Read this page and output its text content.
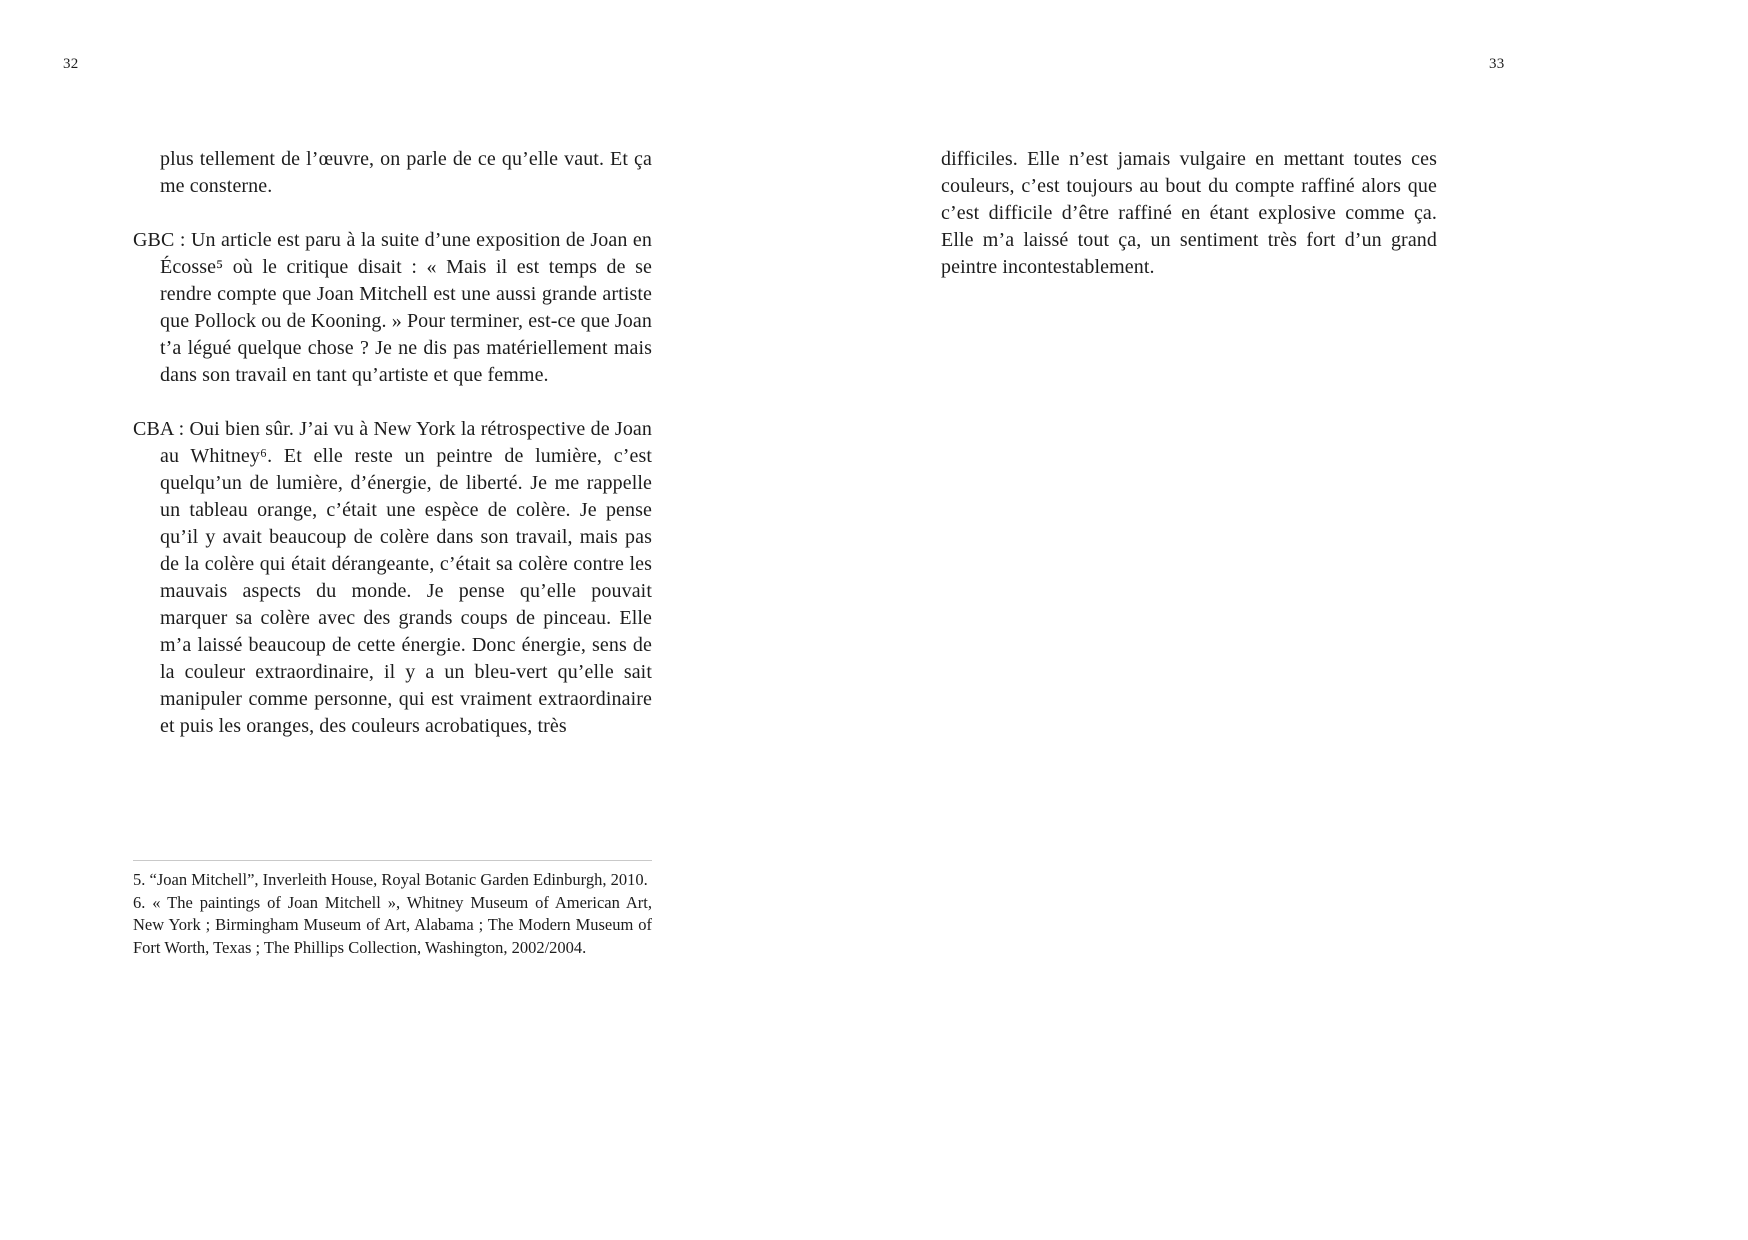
32	33

plus tellement de l’œuvre, on parle de ce qu’elle vaut. Et ça me consterne.

GBC : Un article est paru à la suite d’une exposition de Joan en Écosse⁵ où le critique disait : « Mais il est temps de se rendre compte que Joan Mitchell est une aussi grande artiste que Pollock ou de Kooning. » Pour terminer, est-ce que Joan t’a légué quelque chose ? Je ne dis pas matériellement mais dans son travail en tant qu’artiste et que femme.

CBA : Oui bien sûr. J’ai vu à New York la rétrospective de Joan au Whitney⁶. Et elle reste un peintre de lumière, c’est quelqu’un de lumière, d’énergie, de liberté. Je me rappelle un tableau orange, c’était une espèce de colère. Je pense qu’il y avait beaucoup de colère dans son travail, mais pas de la colère qui était dérangeante, c’était sa colère contre les mauvais aspects du monde. Je pense qu’elle pouvait marquer sa colère avec des grands coups de pinceau. Elle m’a laissé beaucoup de cette énergie. Donc énergie, sens de la couleur extraordinaire, il y a un bleu-vert qu’elle sait manipuler comme personne, qui est vraiment extraordinaire et puis les oranges, des couleurs acrobatiques, très

5. “Joan Mitchell”, Inverleith House, Royal Botanic Garden Edinburgh, 2010.

6. « The paintings of Joan Mitchell », Whitney Museum of American Art, New York ; Birmingham Museum of Art, Alabama ; The Modern Museum of Fort Worth, Texas ; The Phillips Collection, Washington, 2002/2004.

difficiles. Elle n’est jamais vulgaire en mettant toutes ces couleurs, c’est toujours au bout du compte raffiné alors que c’est difficile d’être raffiné en étant explosive comme ça. Elle m’a laissé tout ça, un sentiment très fort d’un grand peintre incontestablement.
